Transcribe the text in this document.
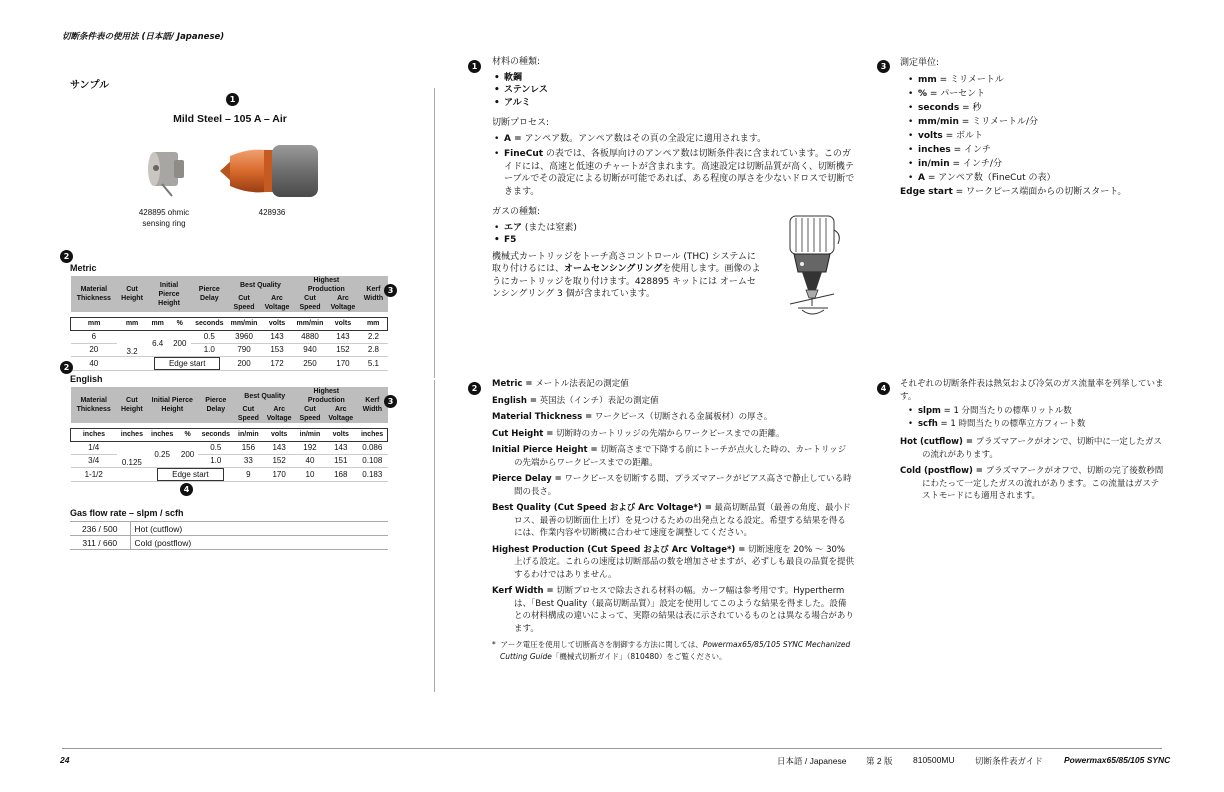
切断条件表の使用法 (日本語/ Japanese)
サンプル
1
Mild Steel – 105 A – Air
428895 ohmic
sensing ring
428936
2
Metric
Material Thickness	Cut Height	Initial Pierce Height		Pierce Delay	Best Quality		Highest Production		Kerf Width
					Cut Speed	Arc Voltage	Cut Speed	Arc Voltage	

mm	mm	mm	%	seconds	mm/min	volts	mm/min	volts	mm
6	3.2	6.4	200	0.5	3960	143	4880	143	2.2
20				1.0	790	153	940	152	2.8
40		Edge start			200	172	250	170	5.1
3
2
English
Material Thickness	Cut Height	Initial Pierce Height		Pierce Delay	Best Quality		Highest Production		Kerf Width
					Cut Speed	Arc Voltage	Cut Speed	Arc Voltage	

inches	inches	inches	%	seconds	in/min	volts	in/min	volts	inches
1/4	0.125	0.25	200	0.5	156	143	192	143	0.086
3/4				1.0	33	152	40	151	0.108
1-1/2		Edge start			9	170	10	168	0.183
3
4
Gas flow rate – slpm / scfh
236 / 500	Hot (cutflow)
311 / 660	Cold (postflow)
1	材料の種類:
• 軟鋼
• ステンレス
• アルミ
切断プロセス:
• A = アンペア数。アンペア数はその頁の全設定に適用されます。
• FineCut の表では、各板厚向けのアンペア数は切断条件表に含まれています。このガイドには、高速と低速のチャートが含まれます。高速設定は切断品質が高く、切断機テーブルでその設定による切断が可能であれば、ある程度の厚さを少ないドロスで切断できます。
ガスの種類:
• エア (または窒素)
• F5
機械式カートリッジをトーチ高さコントロール (THC) システムに取り付けるには、オームセンシングリングを使用します。画像のようにカートリッジを取り付けます。428895 キットには オームセンシングリング 3 個が含まれています。
3	測定単位:
• mm = ミリメートル
• % = パーセント
• seconds = 秒
• mm/min = ミリメートル/分
• volts = ボルト
• inches = インチ
• in/min = インチ/分
• A = アンペア数（FineCut の表）
Edge start = ワークピース端面からの切断スタート。
2	Metric = メートル法表記の測定値

English = 英国法（インチ）表記の測定値

Material Thickness = ワークピース（切断される金属板材）の厚さ。

Cut Height = 切断時のカートリッジの先端からワークピースまでの距離。

Initial Pierce Height = 切断高さまで下降する前にトーチが点火した時の、カートリッジの先端からワークピースまでの距離。

Pierce Delay = ワークピースを切断する間、プラズマアークがピアス高さで静止している時間の長さ。

Best Quality (Cut Speed および Arc Voltage*) = 最高切断品質（最善の角度、最小ドロス、最善の切断面仕上げ）を見つけるための出発点となる設定。希望する結果を得るには、作業内容や切断機に合わせて速度を調整してください。

Highest Production (Cut Speed および Arc Voltage*) = 切断速度を 20% ～ 30% 上げる設定。これらの速度は切断部品の数を増加させますが、必ずしも最良の品質を提供するわけではありません。

Kerf Width = 切断プロセスで除去される材料の幅。カーフ幅は参考用です。Hypertherm は、「Best Quality（最高切断品質）」設定を使用してこのような結果を得ました。設備との材料構成の違いによって、実際の結果は表に示されているものとは異なる場合があります。

*  アーク電圧を使用して切断高さを制御する方法に関しては、Powermax65/85/105 SYNC Mechanized Cutting Guide「機械式切断ガイド」（810480）をご覧ください。
4	それぞれの切断条件表は熱気および冷気のガス流量率を列挙しています。

• slpm = 1 分間当たりの標準リットル数
• scfh = 1 時間当たりの標準立方フィート数

Hot (cutflow) = プラズマアークがオンで、切断中に一定したガスの流れがあります。

Cold (postflow) = プラズマアークがオフで、切断の完了後数秒間にわたって一定したガスの流れがあります。この流量はガステストモードにも適用されます。

24	日本語 / Japanese 第 2 版 810500MU 切断条件表ガイド	Powermax65/85/105 SYNC
